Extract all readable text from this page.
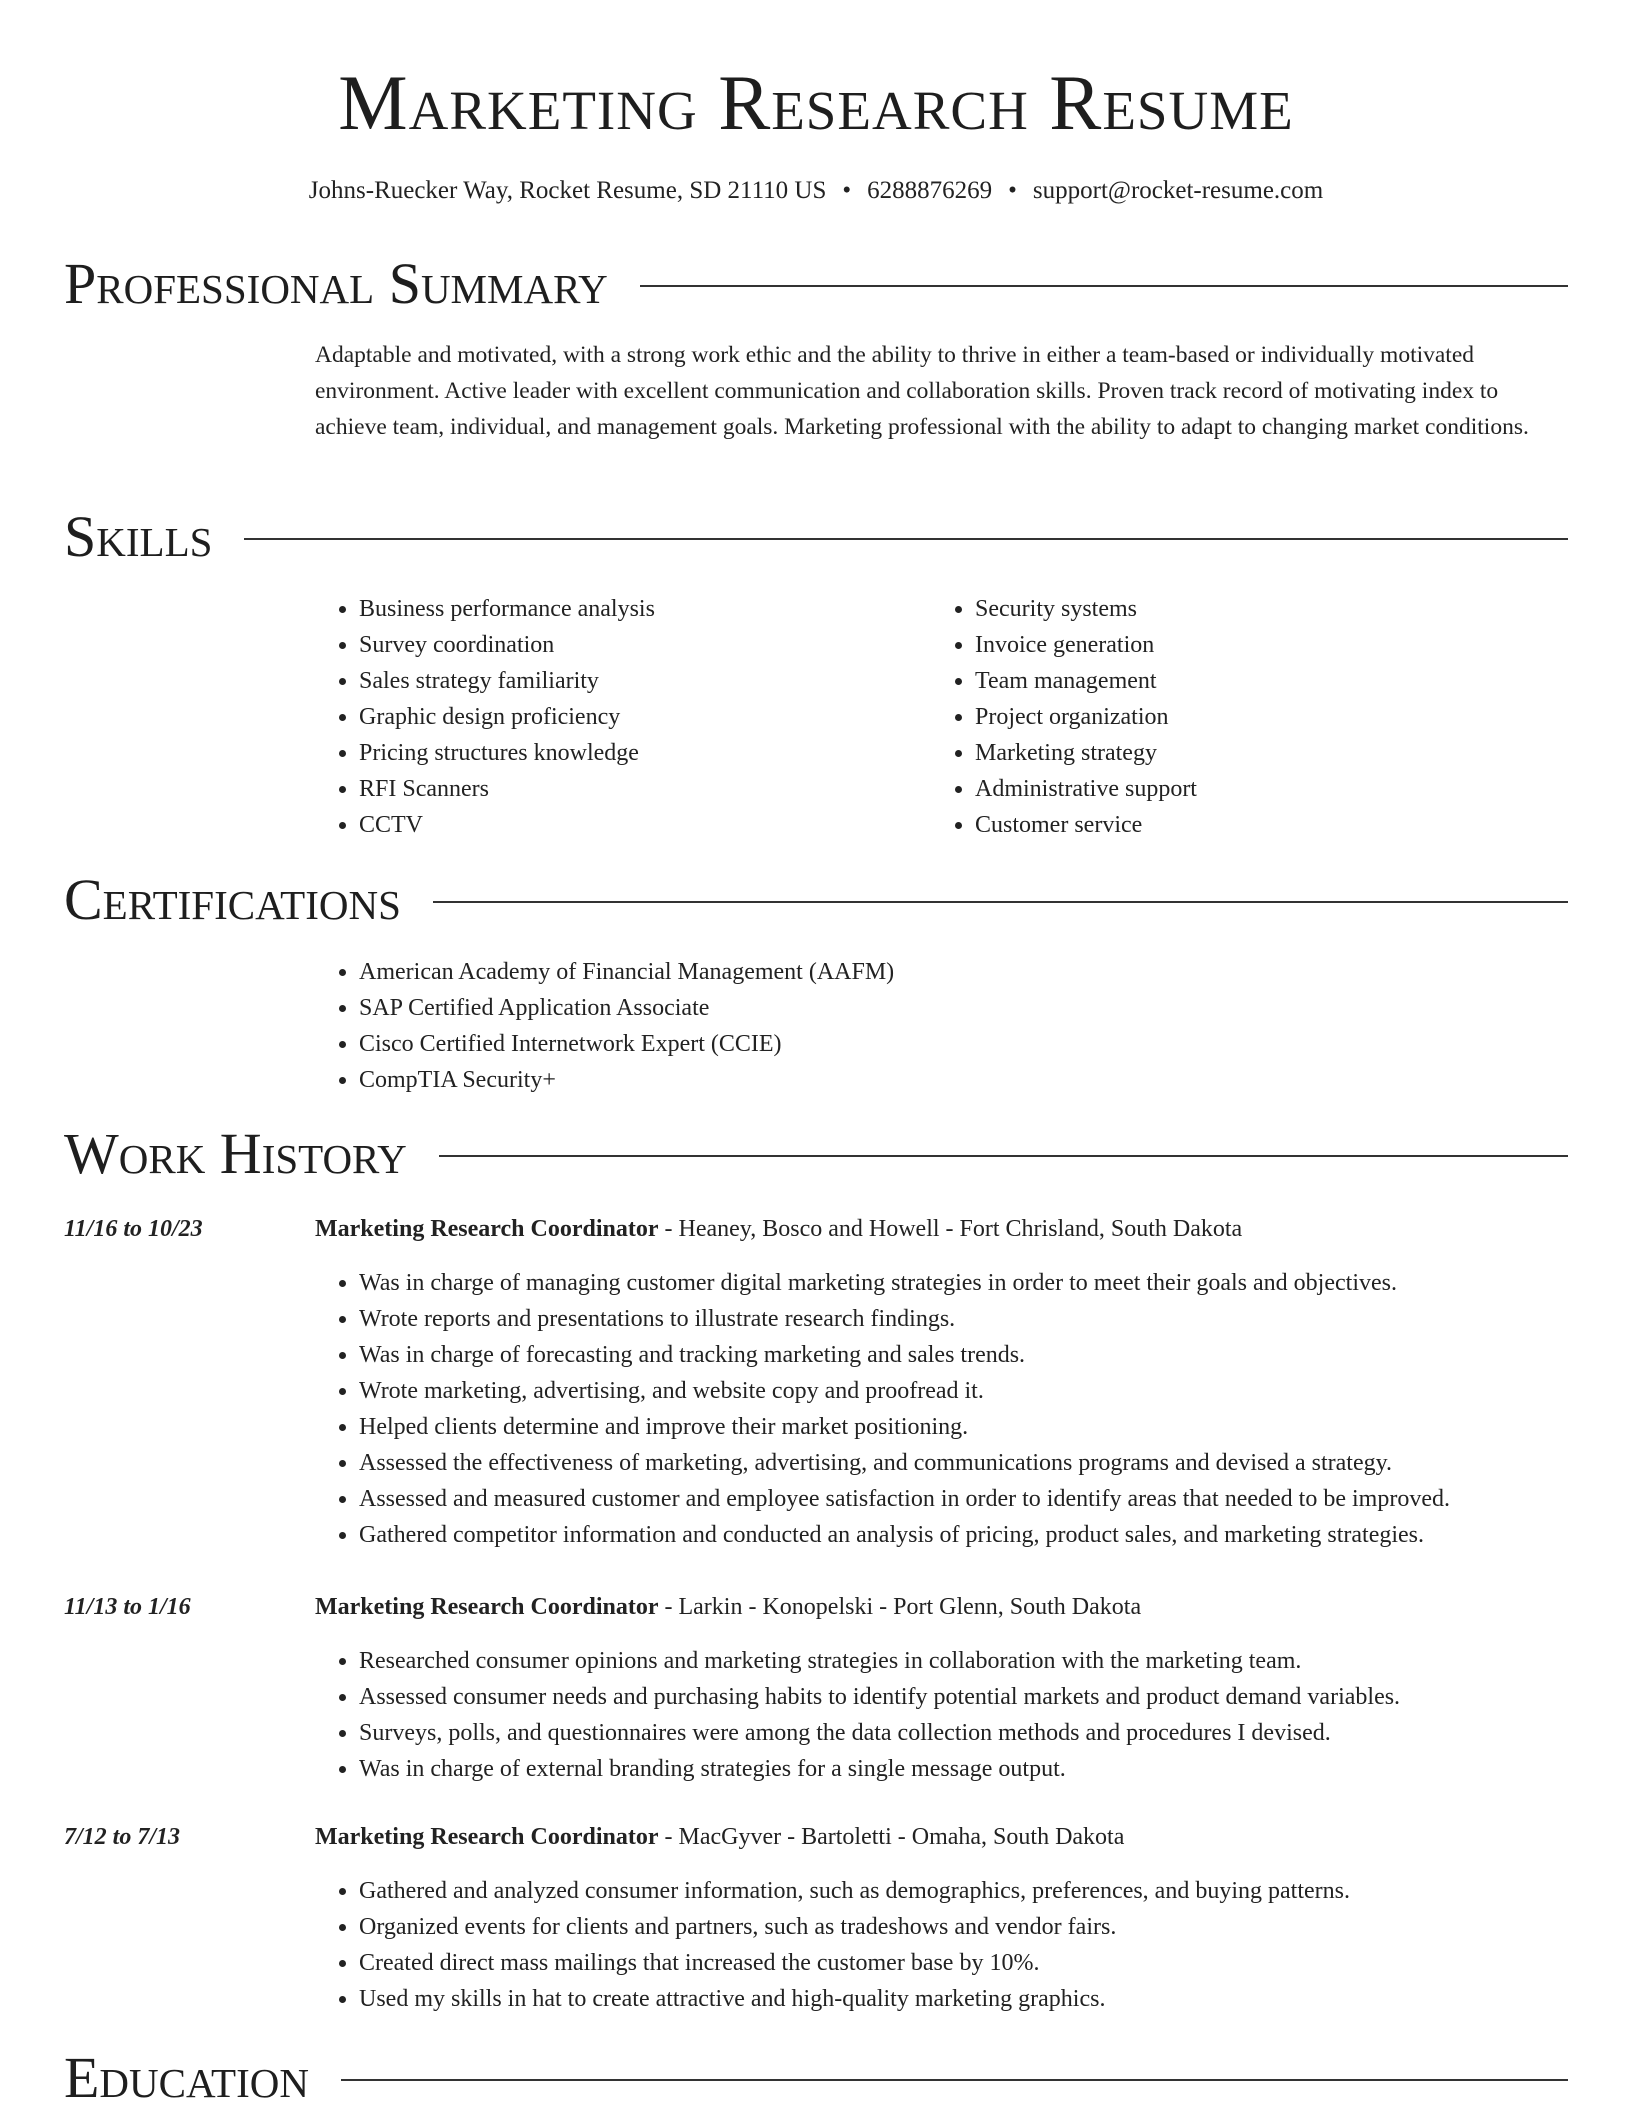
Marketing Research Resume
Johns-Ruecker Way, Rocket Resume, SD 21110 US • 6288876269 • support@rocket-resume.com
Professional Summary

Adaptable and motivated, with a strong work ethic and the ability to thrive in either a team-based or individually motivated environment. Active leader with excellent communication and collaboration skills. Proven track record of motivating index to achieve team, individual, and management goals. Marketing professional with the ability to adapt to changing market conditions.

Skills
• Business performance analysis
• Survey coordination
• Sales strategy familiarity
• Graphic design proficiency
• Pricing structures knowledge
• RFI Scanners
• CCTV
• Security systems
• Invoice generation
• Team management
• Project organization
• Marketing strategy
• Administrative support
• Customer service
Certifications
• American Academy of Financial Management (AAFM)
• SAP Certified Application Associate
• Cisco Certified Internetwork Expert (CCIE)
• CompTIA Security+
Work History
11/16 to 10/23	Marketing Research Coordinator - Heaney, Bosco and Howell - Fort Chrisland, South Dakota
• Was in charge of managing customer digital marketing strategies in order to meet their goals and objectives.
• Wrote reports and presentations to illustrate research findings.
• Was in charge of forecasting and tracking marketing and sales trends.
• Wrote marketing, advertising, and website copy and proofread it.
• Helped clients determine and improve their market positioning.
• Assessed the effectiveness of marketing, advertising, and communications programs and devised a strategy.
• Assessed and measured customer and employee satisfaction in order to identify areas that needed to be improved.
• Gathered competitor information and conducted an analysis of pricing, product sales, and marketing strategies.
11/13 to 1/16	Marketing Research Coordinator - Larkin - Konopelski - Port Glenn, South Dakota
• Researched consumer opinions and marketing strategies in collaboration with the marketing team.
• Assessed consumer needs and purchasing habits to identify potential markets and product demand variables.
• Surveys, polls, and questionnaires were among the data collection methods and procedures I devised.
• Was in charge of external branding strategies for a single message output.
7/12 to 7/13	Marketing Research Coordinator - MacGyver - Bartoletti - Omaha, South Dakota
• Gathered and analyzed consumer information, such as demographics, preferences, and buying patterns.
• Organized events for clients and partners, such as tradeshows and vendor fairs.
• Created direct mass mailings that increased the customer base by 10%.
• Used my skills in hat to create attractive and high-quality marketing graphics.
Education
